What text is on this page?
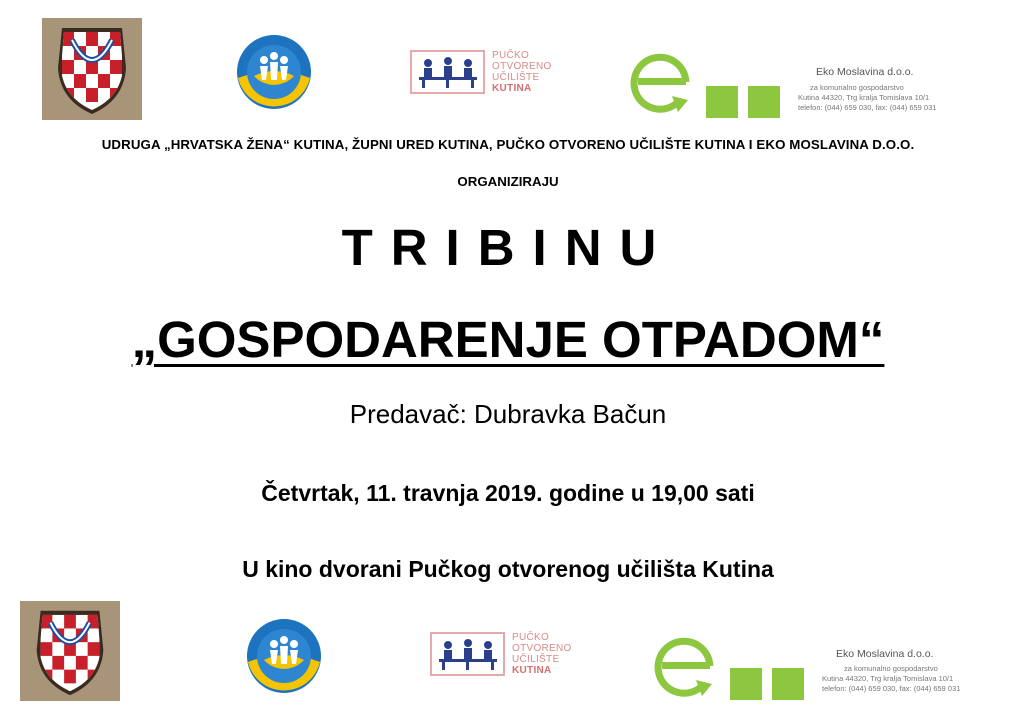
PUČKO
OTVORENO
UČILIŠTE
KUTINA
Eko Moslavina d.o.o.
za komunalno gospodarstvo
Kutina 44320, Trg kralja Tomislava 10/1
telefon: (044) 659 030, fax: (044) 659 031
UDRUGA „HRVATSKA ŽENA“ KUTINA, ŽUPNI URED KUTINA, PUČKO OTVORENO UČILIŠTE KUTINA I EKO MOSLAVINA D.O.O.
ORGANIZIRAJU
TRIBINU
„GOSPODARENJE OTPADOM“
Predavač: Dubravka Bačun
Četvrtak, 11. travnja 2019. godine u 19,00 sati
U kino dvorani Pučkog otvorenog učilišta Kutina
PUČKO
OTVORENO
UČILIŠTE
KUTINA
Eko Moslavina d.o.o.
za komunalno gospodarstvo
Kutina 44320, Trg kralja Tomislava 10/1
telefon: (044) 659 030, fax: (044) 659 031
